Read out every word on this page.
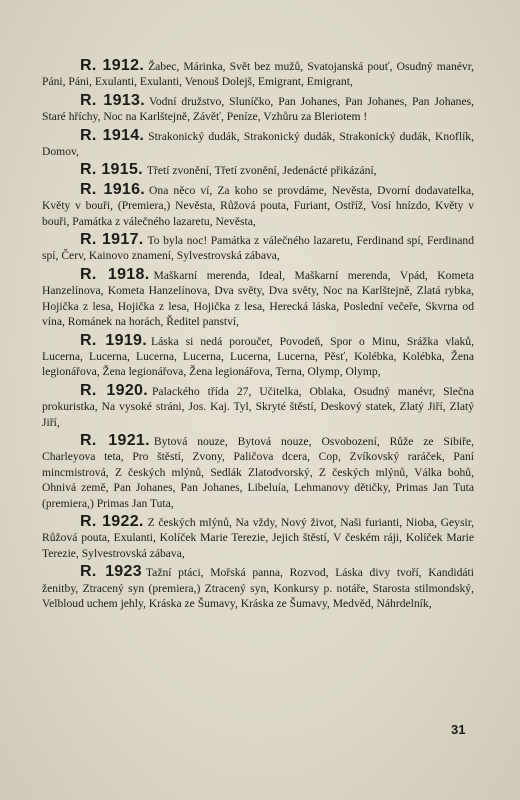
R. 1912. Žabec, Márinka, Svět bez mužů, Svatojanská pouť, Osudný manévr, Páni, Páni, Exulanti, Exulanti, Venouš Dolejš, Emigrant, Emigrant,

R. 1913. Vodní družstvo, Sluníčko, Pan Johanes, Pan Johanes, Pan Johanes, Staré hříchy, Noc na Karlštejně, Závěť, Peníze, Vzhůru za Bleriotem !

R. 1914. Strakonický dudák, Strakonický dudák, Strakonický dudák, Knoflík, Domov,

R. 1915. Třetí zvonění, Třetí zvonění, Jedenácté přikázání,

R. 1916. Ona něco ví, Za koho se provdáme, Nevěsta, Dvorní dodavatelka, Květy v bouři, (Premiera,) Nevěsta, Růžová pouta, Furiant, Ostříž, Vosí hnízdo, Květy v bouři, Památka z válečného lazaretu, Nevěsta,

R. 1917. To byla noc! Památka z válečného lazaretu, Ferdinand spí, Ferdinand spí, Červ, Kainovo znamení, Sylvestrovská zábava,

R. 1918. Maškarní merenda, Ideal, Maškarní merenda, Vpád, Kometa Hanzelínova, Kometa Hanzelínova, Dva světy, Dva světy, Noc na Karlštejně, Zlatá rybka, Hojička z lesa, Hojička z lesa, Hojička z lesa, Herecká láska, Poslední večeře, Skvrna od vína, Románek na horách, Ředitel panství,

R. 1919. Láska si nedá poroučet, Povodeň, Spor o Minu, Srážka vlaků, Lucerna, Lucerna, Lucerna, Lucerna, Lucerna, Lucerna, Pěsť, Kolébka, Kolébka, Žena legionářova, Žena legionářova, Žena legionářova, Terna, Olymp, Olymp,

R. 1920. Palackého třída 27, Učitelka, Oblaka, Osudný manévr, Slečna prokuristka, Na vysoké stráni, Jos. Kaj. Tyl, Skryté štěstí, Deskový statek, Zlatý Jiří, Zlatý Jiří,

R. 1921. Bytová nouze, Bytová nouze, Osvobození, Růže ze Sibiře, Charleyova teta, Pro štěstí, Zvony, Paličova dcera, Cop, Zvíkovský raráček, Paní mincmistrová, Z českých mlýnů, Sedlák Zlatodvorský, Z českých mlýnů, Válka bohů, Ohnivá země, Pan Johanes, Pan Johanes, Libeluía, Lehmanovy dětičky, Primas Jan Tuta (premiera,) Primas Jan Tuta,

R. 1922. Z českých mlýnů, Na vždy, Nový život, Naši furianti, Nioba, Geysir, Růžová pouta, Exulanti, Kolíček Marie Terezie, Jejich štěstí, V českém ráji, Kolíček Marie Terezie, Sylvestrovská zábava,

R. 1923 Tažní ptáci, Mořská panna, Rozvod, Láska divy tvoří, Kandidáti ženitby, Ztracený syn (premiera,) Ztracený syn, Konkursy p. notáře, Starosta stilmondský, Velbloud uchem jehly, Kráska ze Šumavy, Kráska ze Šumavy, Medvěd, Náhrdelník,

31
